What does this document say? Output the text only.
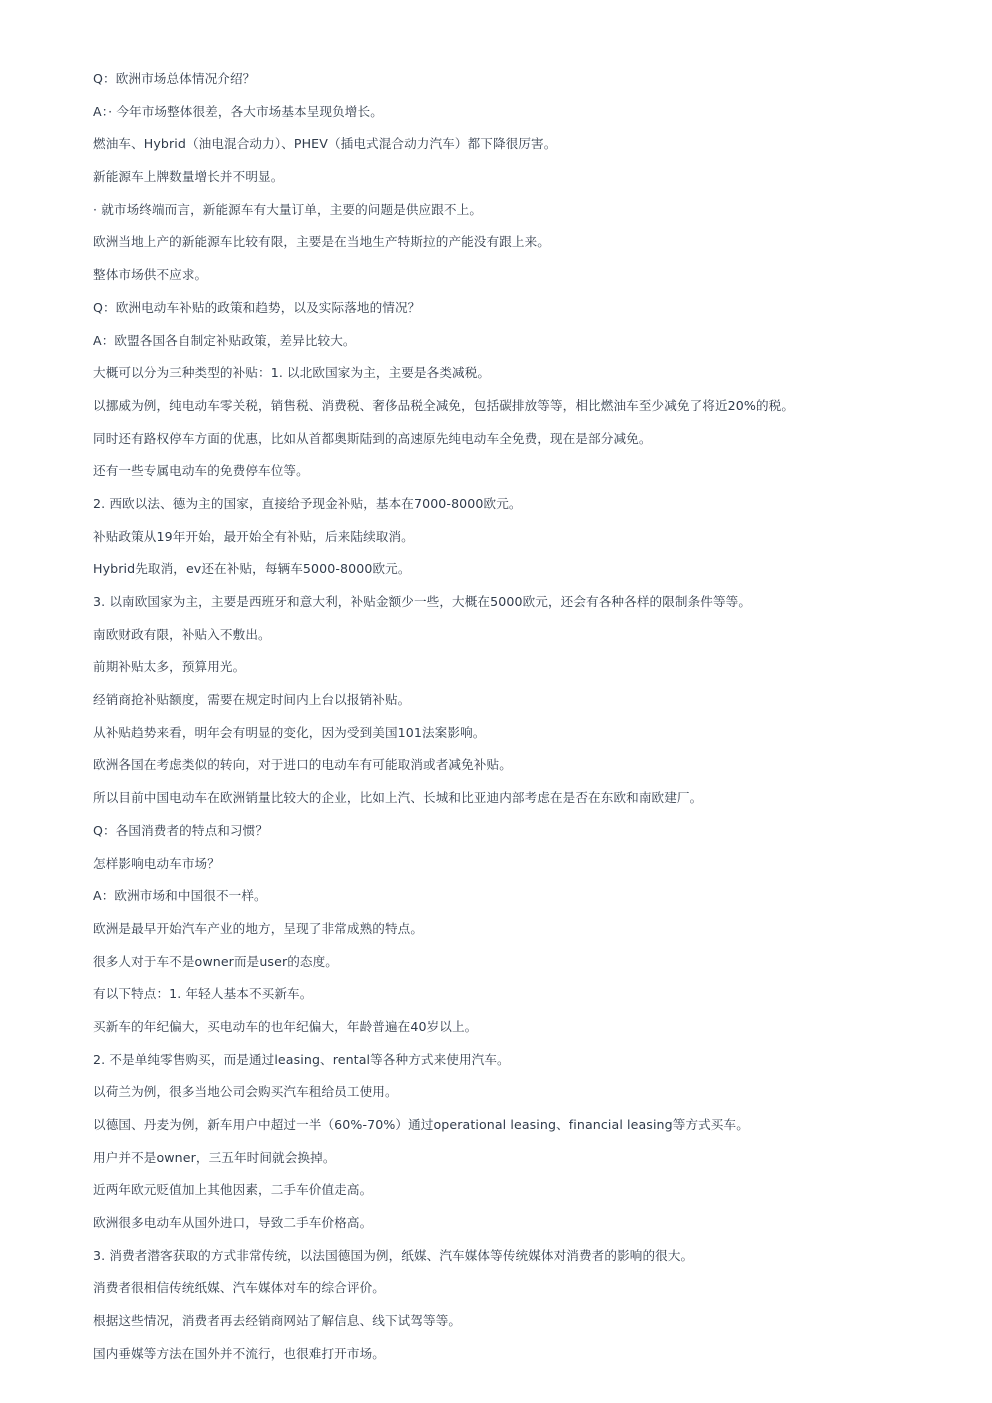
Q：欧洲市场总体情况介绍？
A：· 今年市场整体很差，各大市场基本呈现负增长。
燃油车、Hybrid（油电混合动力）、PHEV（插电式混合动力汽车）都下降很厉害。
新能源车上牌数量增长并不明显。
· 就市场终端而言，新能源车有大量订单，主要的问题是供应跟不上。
欧洲当地上产的新能源车比较有限，主要是在当地生产特斯拉的产能没有跟上来。
整体市场供不应求。
Q：欧洲电动车补贴的政策和趋势，以及实际落地的情况？
A：欧盟各国各自制定补贴政策，差异比较大。
大概可以分为三种类型的补贴：1. 以北欧国家为主，主要是各类减税。
以挪威为例，纯电动车零关税，销售税、消费税、奢侈品税全减免，包括碳排放等等，相比燃油车至少减免了将近20%的税。
同时还有路权停车方面的优惠，比如从首都奥斯陆到的高速原先纯电动车全免费，现在是部分减免。
还有一些专属电动车的免费停车位等。
2. 西欧以法、德为主的国家，直接给予现金补贴，基本在7000-8000欧元。
补贴政策从19年开始，最开始全有补贴，后来陆续取消。
Hybrid先取消，ev还在补贴，每辆车5000-8000欧元。
3. 以南欧国家为主，主要是西班牙和意大利，补贴金额少一些，大概在5000欧元，还会有各种各样的限制条件等等。
南欧财政有限，补贴入不敷出。
前期补贴太多，预算用光。
经销商抢补贴额度，需要在规定时间内上台以报销补贴。
从补贴趋势来看，明年会有明显的变化，因为受到美国101法案影响。
欧洲各国在考虑类似的转向，对于进口的电动车有可能取消或者减免补贴。
所以目前中国电动车在欧洲销量比较大的企业，比如上汽、长城和比亚迪内部考虑在是否在东欧和南欧建厂。
Q：各国消费者的特点和习惯？
怎样影响电动车市场？
A：欧洲市场和中国很不一样。
欧洲是最早开始汽车产业的地方，呈现了非常成熟的特点。
很多人对于车不是owner而是user的态度。
有以下特点：1. 年轻人基本不买新车。
买新车的年纪偏大，买电动车的也年纪偏大，年龄普遍在40岁以上。
2. 不是单纯零售购买，而是通过leasing、rental等各种方式来使用汽车。
以荷兰为例，很多当地公司会购买汽车租给员工使用。
以德国、丹麦为例，新车用户中超过一半（60%-70%）通过operational leasing、financial leasing等方式买车。
用户并不是owner，三五年时间就会换掉。
近两年欧元贬值加上其他因素，二手车价值走高。
欧洲很多电动车从国外进口，导致二手车价格高。
3. 消费者潜客获取的方式非常传统，以法国德国为例，纸媒、汽车媒体等传统媒体对消费者的影响的很大。
消费者很相信传统纸媒、汽车媒体对车的综合评价。
根据这些情况，消费者再去经销商网站了解信息、线下试驾等等。
国内垂媒等方法在国外并不流行，也很难打开市场。
